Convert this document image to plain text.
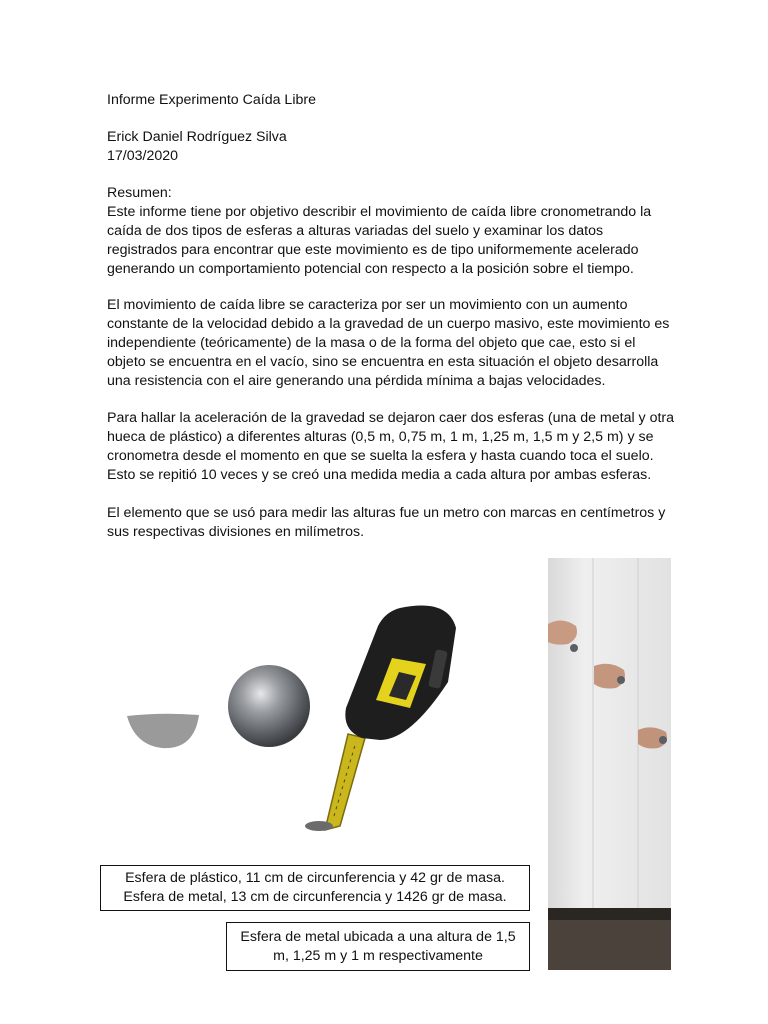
Informe Experimento Caída Libre
Erick Daniel Rodríguez Silva
17/03/2020
Resumen:

Este informe tiene por objetivo describir el movimiento de caída libre cronometrando la

caída de dos tipos de esferas a alturas variadas del suelo y examinar los datos

registrados para encontrar que este movimiento es de tipo uniformemente acelerado

generando un comportamiento potencial con respecto a la posición sobre el tiempo.

El movimiento de caída libre se caracteriza por ser un movimiento con un aumento

constante de la velocidad debido a la gravedad de un cuerpo masivo, este movimiento es

independiente (teóricamente) de la masa o de la forma del objeto que cae, esto si el

objeto se encuentra en el vacío, sino se encuentra en esta situación el objeto desarrolla

una resistencia con el aire generando una pérdida mínima a bajas velocidades.

Para hallar la aceleración de la gravedad se dejaron caer dos esferas (una de metal y otra

hueca de plástico) a diferentes alturas (0,5 m, 0,75 m, 1 m, 1,25 m, 1,5 m y 2,5 m) y se

cronometra desde el momento en que se suelta la esfera y hasta cuando toca el suelo.

Esto se repitió 10 veces y se creó una medida media a cada altura por ambas esferas.

El elemento que se usó para medir las alturas fue un metro con marcas en centímetros y

sus respectivas divisiones en milímetros.

Esfera de plástico, 11 cm de circunferencia y 42 gr de masa.
Esfera de metal, 13 cm de circunferencia y 1426 gr de masa.
Esfera de metal ubicada a una altura de 1,5
m, 1,25 m y 1 m respectivamente
